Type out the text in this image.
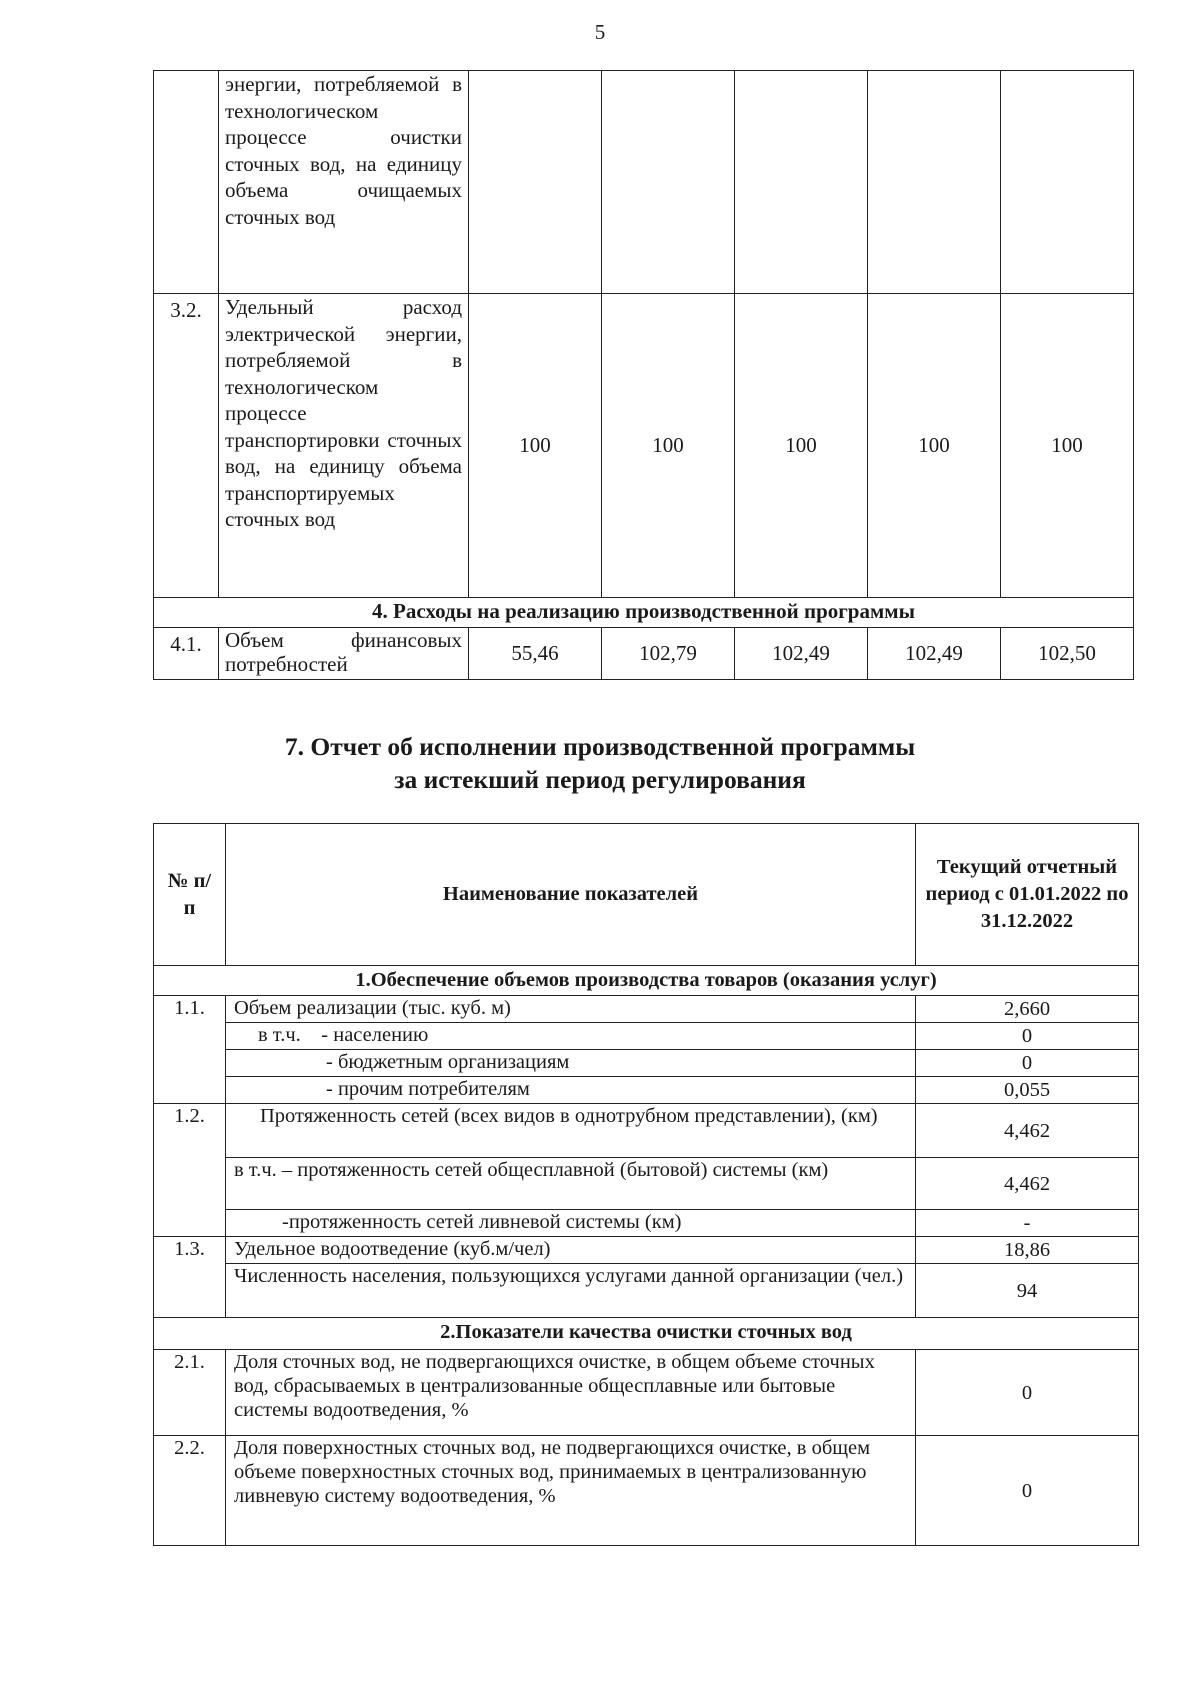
5
	энергии, потребляемой в технологическом процессе очистки сточных вод, на единицу объема очищаемых сточных вод					
3.2.	Удельный расход электрической энергии, потребляемой в технологическом процессе транспортировки сточных вод, на единицу объема транспортируемых сточных вод	100	100	100	100	100
4. Расходы на реализацию производственной программы						
4.1.	Объем финансовых потребностей	55,46	102,79	102,49	102,49	102,50
7. Отчет об исполнении производственной программы
за истекший период регулирования
№ п/п	Наименование показателей	Текущий отчетный период с 01.01.2022 по 31.12.2022
1.Обеспечение объемов производства товаров (оказания услуг)		
1.1.	Объем реализации (тыс. куб. м)	2,660
	в т.ч.    - населению	0
	- бюджетным организациям	0
	- прочим потребителям	0,055
1.2.	Протяженность сетей (всех видов в однотрубном представлении), (км)	4,462
	в т.ч. – протяженность сетей общесплавной (бытовой) системы (км)	4,462
	-протяженность сетей ливневой системы (км)	-
1.3.	Удельное водоотведение (куб.м/чел)	18,86
	Численность населения, пользующихся услугами данной организации (чел.)	94
2.Показатели качества очистки сточных вод		
2.1.	Доля сточных вод, не подвергающихся очистке, в общем объеме сточных вод, сбрасываемых в централизованные общесплавные или бытовые системы водоотведения, %	0
2.2.	Доля поверхностных сточных вод, не подвергающихся очистке, в общем объеме поверхностных сточных вод, принимаемых в централизованную ливневую систему водоотведения, %	0
